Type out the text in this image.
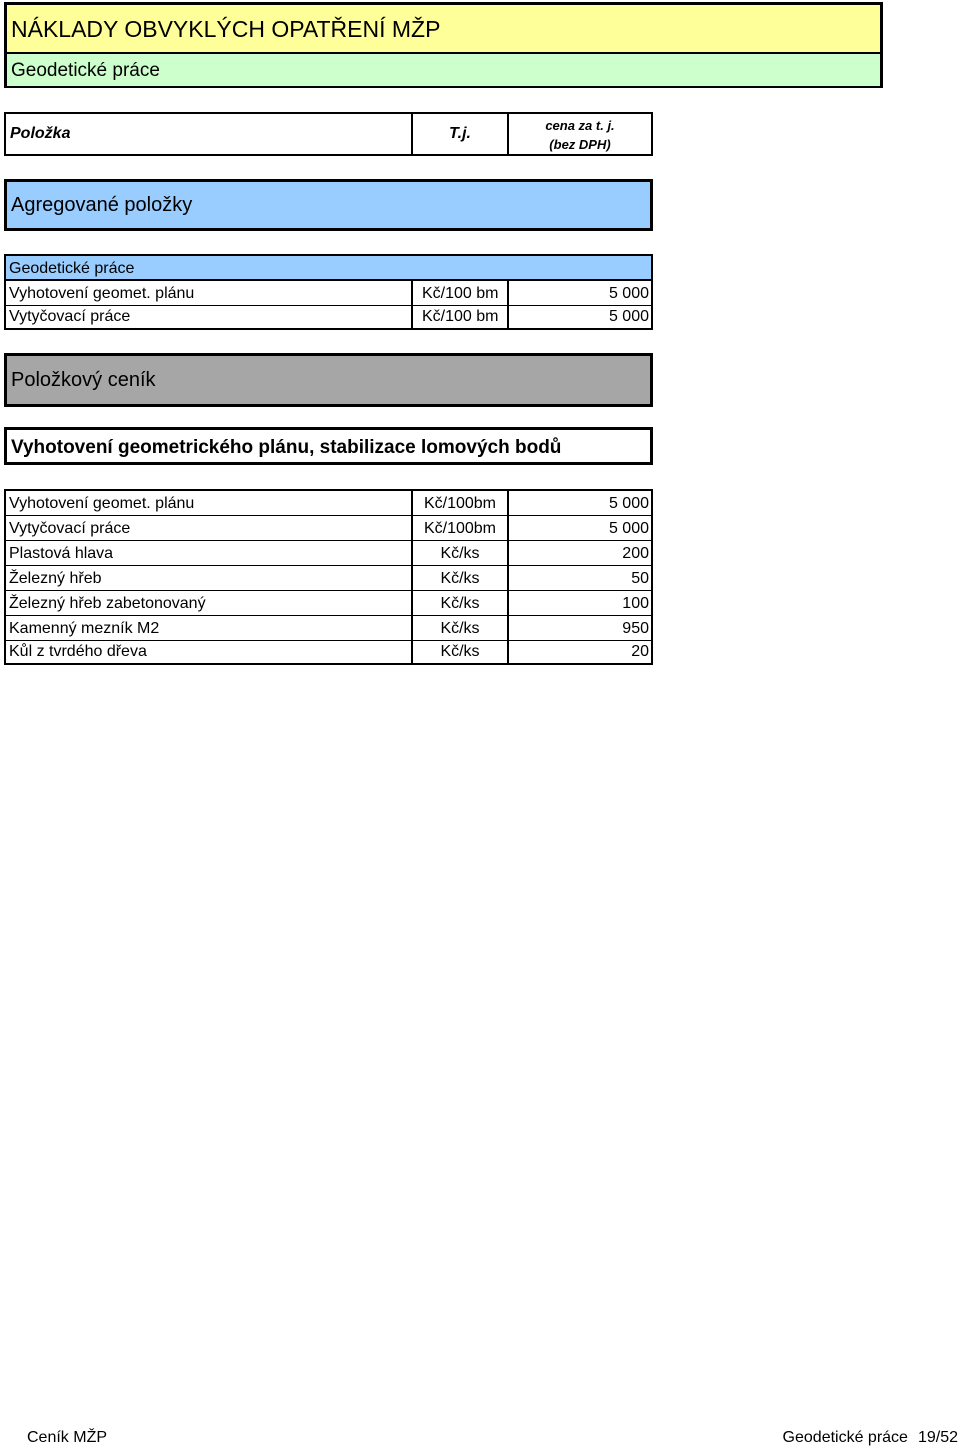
NÁKLADY OBVYKLÝCH OPATŘENÍ MŽP
Geodetické práce
Položka	T.j.	cena za t. j.
(bez DPH)
Agregované položky
Geodetické práce
Vyhotovení geomet. plánu	Kč/100 bm	5 000
Vytyčovací práce	Kč/100 bm	5 000
Položkový ceník
Vyhotovení geometrického plánu, stabilizace lomových bodů
Vyhotovení geomet. plánu	Kč/100bm	5 000
Vytyčovací práce	Kč/100bm	5 000
Plastová hlava	Kč/ks	200
Železný hřeb	Kč/ks	50
Železný hřeb zabetonovaný	Kč/ks	100
Kamenný mezník M2	Kč/ks	950
Kůl z tvrdého dřeva	Kč/ks	20
Ceník MŽP	Geodetické práce 19/52
